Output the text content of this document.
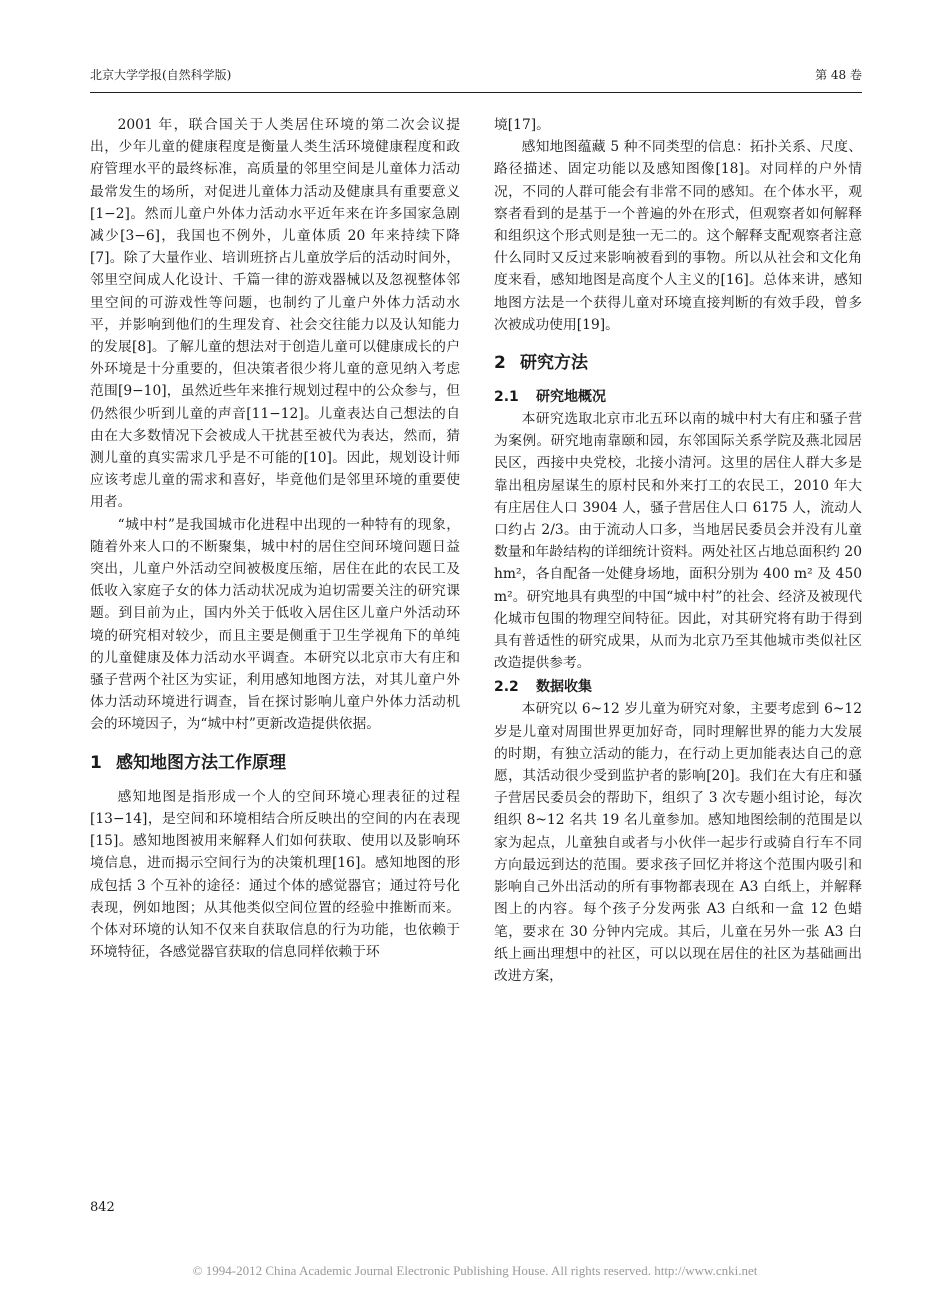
北京大学学报(自然科学版)	第 48 卷

2001 年，联合国关于人类居住环境的第二次会议提出，少年儿童的健康程度是衡量人类生活环境健康程度和政府管理水平的最终标准，高质量的邻里空间是儿童体力活动最常发生的场所，对促进儿童体力活动及健康具有重要意义[1−2]。然而儿童户外体力活动水平近年来在许多国家急剧减少[3−6]，我国也不例外，儿童体质 20 年来持续下降[7]。除了大量作业、培训班挤占儿童放学后的活动时间外，邻里空间成人化设计、千篇一律的游戏器械以及忽视整体邻里空间的可游戏性等问题，也制约了儿童户外体力活动水平，并影响到他们的生理发育、社会交往能力以及认知能力的发展[8]。了解儿童的想法对于创造儿童可以健康成长的户外环境是十分重要的，但决策者很少将儿童的意见纳入考虑范围[9−10]，虽然近些年来推行规划过程中的公众参与，但仍然很少听到儿童的声音[11−12]。儿童表达自己想法的自由在大多数情况下会被成人干扰甚至被代为表达，然而，猜测儿童的真实需求几乎是不可能的[10]。因此，规划设计师应该考虑儿童的需求和喜好，毕竟他们是邻里环境的重要使用者。

“城中村”是我国城市化进程中出现的一种特有的现象，随着外来人口的不断聚集，城中村的居住空间环境问题日益突出，儿童户外活动空间被极度压缩，居住在此的农民工及低收入家庭子女的体力活动状况成为迫切需要关注的研究课题。到目前为止，国内外关于低收入居住区儿童户外活动环境的研究相对较少，而且主要是侧重于卫生学视角下的单纯的儿童健康及体力活动水平调查。本研究以北京市大有庄和骚子营两个社区为实证，利用感知地图方法，对其儿童户外体力活动环境进行调查，旨在探讨影响儿童户外体力活动机会的环境因子，为“城中村”更新改造提供依据。

1 感知地图方法工作原理

感知地图是指形成一个人的空间环境心理表征的过程[13−14]，是空间和环境相结合所反映出的空间的内在表现[15]。感知地图被用来解释人们如何获取、使用以及影响环境信息，进而揭示空间行为的决策机理[16]。感知地图的形成包括 3 个互补的途径：通过个体的感觉器官；通过符号化表现，例如地图；从其他类似空间位置的经验中推断而来。个体对环境的认知不仅来自获取信息的行为功能，也依赖于环境特征，各感觉器官获取的信息同样依赖于环

境[17]。

感知地图蕴藏 5 种不同类型的信息：拓扑关系、尺度、路径描述、固定功能以及感知图像[18]。对同样的户外情况，不同的人群可能会有非常不同的感知。在个体水平，观察者看到的是基于一个普遍的外在形式，但观察者如何解释和组织这个形式则是独一无二的。这个解释支配观察者注意什么同时又反过来影响被看到的事物。所以从社会和文化角度来看，感知地图是高度个人主义的[16]。总体来讲，感知地图方法是一个获得儿童对环境直接判断的有效手段，曾多次被成功使用[19]。

2 研究方法
2.1 研究地概况

本研究选取北京市北五环以南的城中村大有庄和骚子营为案例。研究地南靠颐和园，东邻国际关系学院及燕北园居民区，西接中央党校，北接小清河。这里的居住人群大多是靠出租房屋谋生的原村民和外来打工的农民工，2010 年大有庄居住人口 3904 人，骚子营居住人口 6175 人，流动人口约占 2/3。由于流动人口多，当地居民委员会并没有儿童数量和年龄结构的详细统计资料。两处社区占地总面积约 20 hm²，各自配备一处健身场地，面积分别为 400 m² 及 450 m²。研究地具有典型的中国“城中村”的社会、经济及被现代化城市包围的物理空间特征。因此，对其研究将有助于得到具有普适性的研究成果，从而为北京乃至其他城市类似社区改造提供参考。

2.2 数据收集

本研究以 6~12 岁儿童为研究对象，主要考虑到 6~12 岁是儿童对周围世界更加好奇，同时理解世界的能力大发展的时期，有独立活动的能力，在行动上更加能表达自己的意愿，其活动很少受到监护者的影响[20]。我们在大有庄和骚子营居民委员会的帮助下，组织了 3 次专题小组讨论，每次组织 8~12 名共 19 名儿童参加。感知地图绘制的范围是以家为起点，儿童独自或者与小伙伴一起步行或骑自行车不同方向最远到达的范围。要求孩子回忆并将这个范围内吸引和影响自己外出活动的所有事物都表现在 A3 白纸上，并解释图上的内容。每个孩子分发两张 A3 白纸和一盒 12 色蜡笔，要求在 30 分钟内完成。其后，儿童在另外一张 A3 白纸上画出理想中的社区，可以以现在居住的社区为基础画出改进方案，

842
© 1994-2012 China Academic Journal Electronic Publishing House. All rights reserved. http://www.cnki.net
